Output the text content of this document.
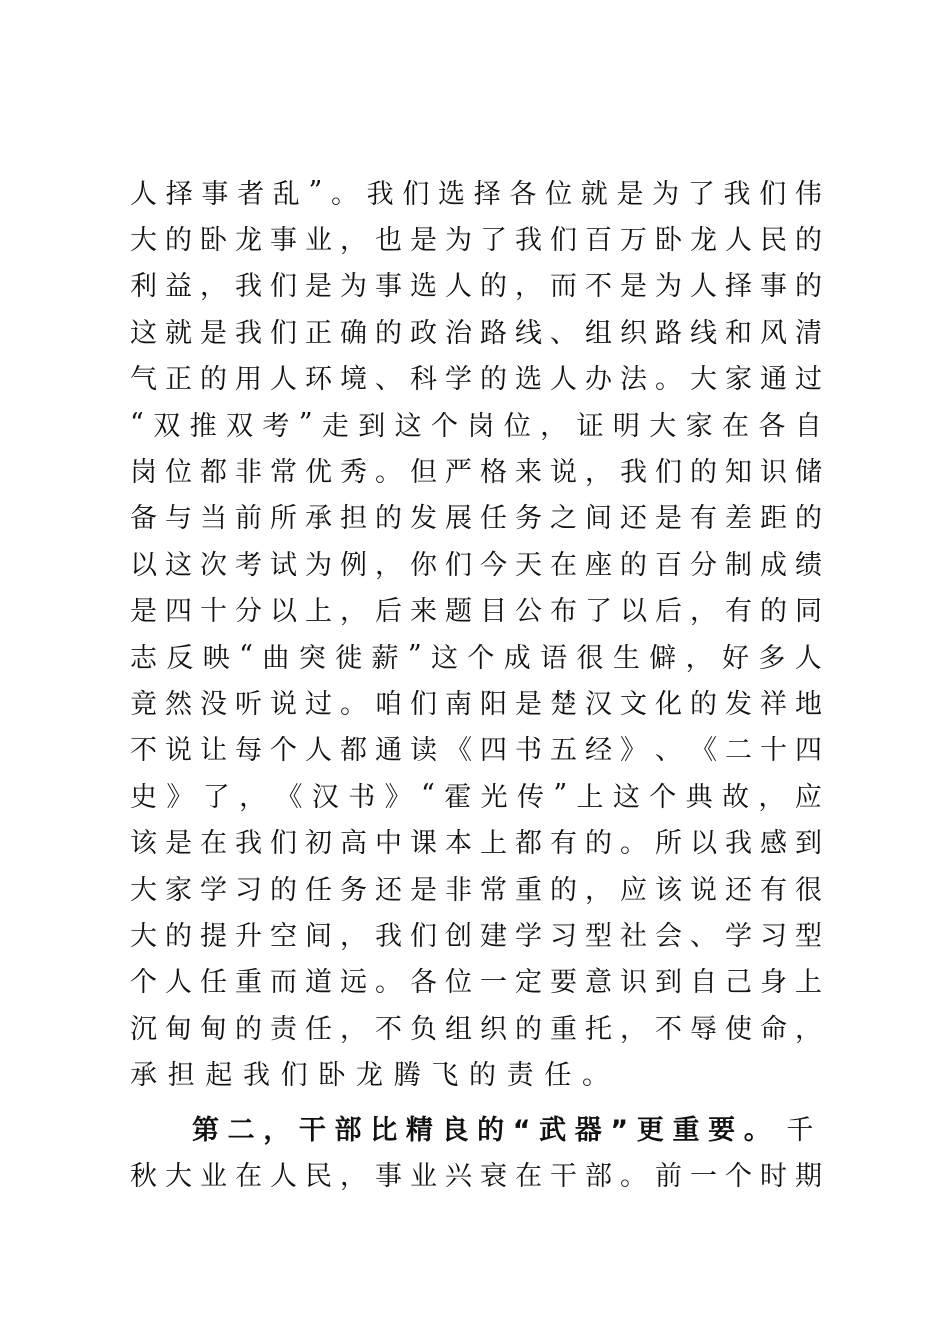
人 择 事 者 乱 ” 。 我 们 选 择 各 位 就 是 为 了 我 们 伟
大 的 卧 龙 事 业 ， 也 是 为 了 我 们 百 万 卧 龙 人 民 的
利 益 ， 我 们 是 为 事 选 人 的 ， 而 不 是 为 人 择 事 的
这 就 是 我 们 正 确 的 政 治 路 线 、 组 织 路 线 和 风 清
气 正 的 用 人 环 境 、 科 学 的 选 人 办 法 。 大 家 通 过
“ 双 推 双 考 ” 走 到 这 个 岗 位 ， 证 明 大 家 在 各 自
岗 位 都 非 常 优 秀 。 但 严 格 来 说 ， 我 们 的 知 识 储
备 与 当 前 所 承 担 的 发 展 任 务 之 间 还 是 有 差 距 的
以 这 次 考 试 为 例 ， 你 们 今 天 在 座 的 百 分 制 成 绩
是 四 十 分 以 上 ， 后 来 题 目 公 布 了 以 后 ， 有 的 同
志 反 映 “ 曲 突 徙 薪 ” 这 个 成 语 很 生 僻 ， 好 多 人
竟 然 没 听 说 过 。 咱 们 南 阳 是 楚 汉 文 化 的 发 祥 地
不 说 让 每 个 人 都 通 读 《 四 书 五 经 》 、 《 二 十 四
史 》 了 ， 《 汉 书 》 “ 霍 光 传 ” 上 这 个 典 故 ， 应
该 是 在 我 们 初 高 中 课 本 上 都 有 的 。 所 以 我 感 到
大 家 学 习 的 任 务 还 是 非 常 重 的 ， 应 该 说 还 有 很
大 的 提 升 空 间 ， 我 们 创 建 学 习 型 社 会 、 学 习 型
个 人 任 重 而 道 远 。 各 位 一 定 要 意 识 到 自 己 身 上
沉 甸 甸 的 责 任 ， 不 负 组 织 的 重 托 ， 不 辱 使 命 ，
承担起我们卧龙腾飞的责任。
第二，干部比精良的“武器”更重要。 千
秋 大 业 在 人 民 ， 事 业 兴 衰 在 干 部 。 前 一 个 时 期
